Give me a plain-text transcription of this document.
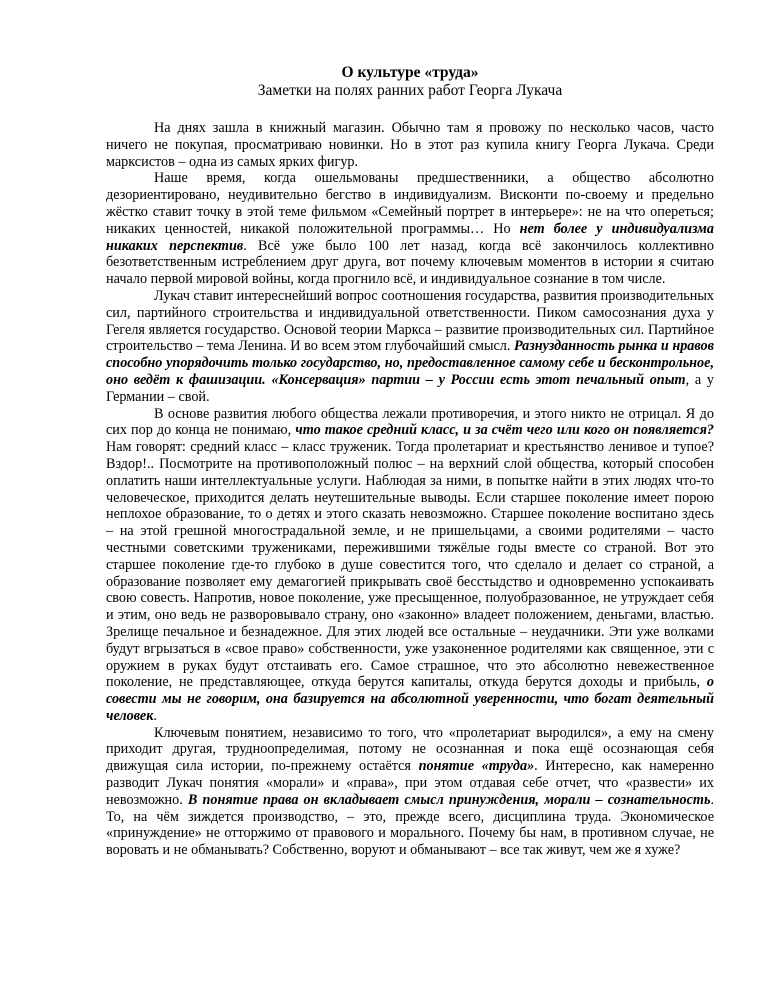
О культуре «труда»

Заметки на полях ранних работ Георга Лукача

На днях зашла в книжный магазин. Обычно там я провожу по несколько часов, часто ничего не покупая, просматриваю новинки. Но в этот раз купила книгу Георга Лукача. Среди марксистов – одна из самых ярких фигур.

Наше время, когда ошельмованы предшественники, а общество абсолютно дезориентировано, неудивительно бегство в индивидуализм. Висконти по-своему и предельно жёстко ставит точку в этой теме фильмом «Семейный портрет в интерьере»: не на что опереться; никаких ценностей, никакой положительной программы… Но нет более у индивидуализма никаких перспектив. Всё уже было 100 лет назад, когда всё закончилось коллективно безответственным истреблением друг друга, вот почему ключевым моментов в истории я считаю начало первой мировой войны, когда прогнило всё, и индивидуальное сознание в том числе.

Лукач ставит интереснейший вопрос соотношения государства, развития производительных сил, партийного строительства и индивидуальной ответственности. Пиком самосознания духа у Гегеля является государство. Основой теории Маркса – развитие производительных сил. Партийное строительство – тема Ленина. И во всем этом глубочайший смысл. Разнузданность рынка и нравов способно упорядочить только государство, но, предоставленное самому себе и бесконтрольное, оно ведёт к фашизации. «Консервация» партии – у России есть этот печальный опыт, а у Германии – свой.

В основе развития любого общества лежали противоречия, и этого никто не отрицал. Я до сих пор до конца не понимаю, что такое средний класс, и за счёт чего или кого он появляется? Нам говорят: средний класс – класс труженик. Тогда пролетариат и крестьянство ленивое и тупое? Вздор!.. Посмотрите на противоположный полюс – на верхний слой общества, который способен оплатить наши интеллектуальные услуги. Наблюдая за ними, в попытке найти в этих людях что-то человеческое, приходится делать неутешительные выводы. Если старшее поколение имеет порою неплохое образование, то о детях и этого сказать невозможно. Старшее поколение воспитано здесь – на этой грешной многострадальной земле, и не пришельцами, а своими родителями – часто честными советскими тружениками, пережившими тяжёлые годы вместе со страной. Вот это старшее поколение где-то глубоко в душе совестится того, что сделало и делает со страной, а образование позволяет ему демагогией прикрывать своё бесстыдство и одновременно успокаивать свою совесть. Напротив, новое поколение, уже пресыщенное, полуобразованное, не утруждает себя и этим, оно ведь не разворовывало страну, оно «законно» владеет положением, деньгами, властью. Зрелище печальное и безнадежное. Для этих людей все остальные – неудачники. Эти уже волками будут вгрызаться в «свое право» собственности, уже узаконенное родителями как священное, эти с оружием в руках будут отстаивать его. Самое страшное, что это абсолютно невежественное поколение, не представляющее, откуда берутся капиталы, откуда берутся доходы и прибыль, о совести мы не говорим, она базируется на абсолютной уверенности, что богат деятельный человек.

Ключевым понятием, независимо то того, что «пролетариат выродился», а ему на смену приходит другая, трудноопределимая, потому не осознанная и пока ещё осознающая себя движущая сила истории, по-прежнему остаётся понятие «труда». Интересно, как намеренно разводит Лукач понятия «морали» и «права», при этом отдавая себе отчет, что «развести» их невозможно. В понятие права он вкладывает смысл принуждения, морали – сознательность. То, на чём зиждется производство, – это, прежде всего, дисциплина труда. Экономическое «принуждение» не отторжимо от правового и морального. Почему бы нам, в противном случае, не воровать и не обманывать? Собственно, воруют и обманывают – все так живут, чем же я хуже?
